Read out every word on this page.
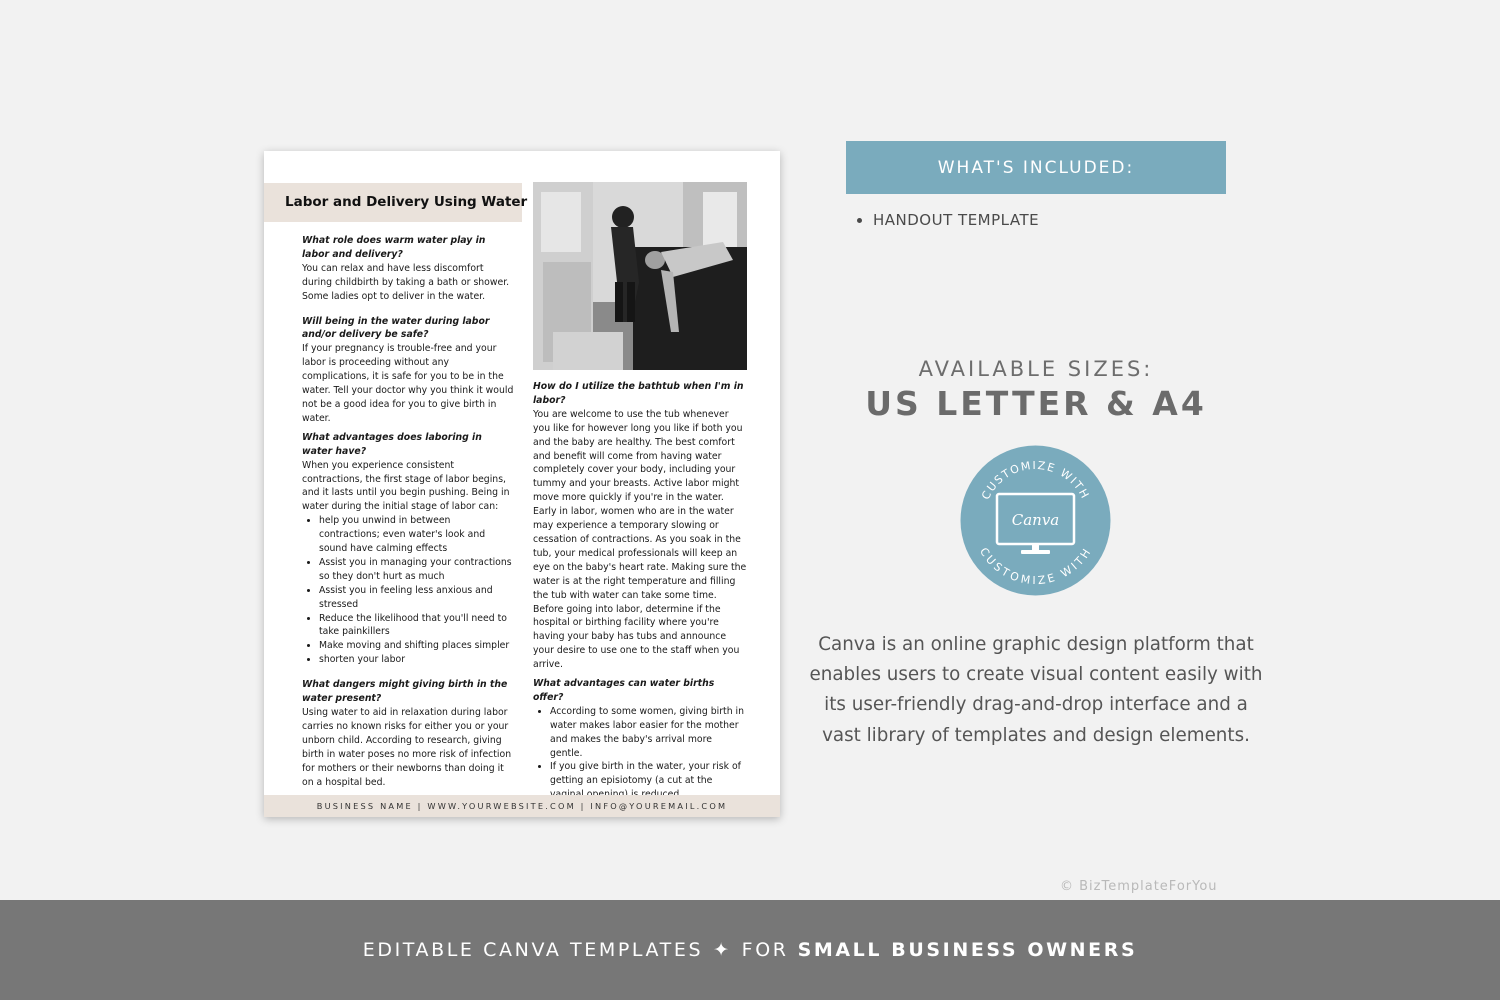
Labor and Delivery Using Water
What role does warm water play in labor and delivery?
You can relax and have less discomfort during childbirth by taking a bath or shower. Some ladies opt to deliver in the water.
Will being in the water during labor and/or delivery be safe?
If your pregnancy is trouble-free and your labor is proceeding without any complications, it is safe for you to be in the water. Tell your doctor why you think it would not be a good idea for you to give birth in water.
What advantages does laboring in water have?
When you experience consistent contractions, the first stage of labor begins, and it lasts until you begin pushing. Being in water during the initial stage of labor can:
• help you unwind in between contractions; even water's look and sound have calming effects
• Assist you in managing your contractions so they don't hurt as much
• Assist you in feeling less anxious and stressed
• Reduce the likelihood that you'll need to take painkillers
• Make moving and shifting places simpler
• shorten your labor
What dangers might giving birth in the water present?
Using water to aid in relaxation during labor carries no known risks for either you or your unborn child. According to research, giving birth in water poses no more risk of infection for mothers or their newborns than doing it on a hospital bed.
How do I utilize the bathtub when I'm in labor?
You are welcome to use the tub whenever you like for however long you like if both you and the baby are healthy. The best comfort and benefit will come from having water completely cover your body, including your tummy and your breasts. Active labor might move more quickly if you're in the water. Early in labor, women who are in the water may experience a temporary slowing or cessation of contractions. As you soak in the tub, your medical professionals will keep an eye on the baby's heart rate. Making sure the water is at the right temperature and filling the tub with water can take some time. Before going into labor, determine if the hospital or birthing facility where you're having your baby has tubs and announce your desire to use one to the staff when you arrive.
What advantages can water births offer?
• According to some women, giving birth in water makes labor easier for the mother and makes the baby's arrival more gentle.
• If you give birth in the water, your risk of getting an episiotomy (a cut at the
BUSINESS NAME | WWW.YOURWEBSITE.COM | INFO@YOUREMAIL.COM
WHAT'S INCLUDED:
• HANDOUT TEMPLATE
AVAILABLE SIZES:
US LETTER & A4
CUSTOMIZE WITH
CUSTOMIZE WITH
Canva
Canva is an online graphic design platform that enables users to create visual content easily with its user-friendly drag-and-drop interface and a vast library of templates and design elements.
© BizTemplateForYou
EDITABLE CANVA TEMPLATES ✦ FOR SMALL BUSINESS OWNERS
